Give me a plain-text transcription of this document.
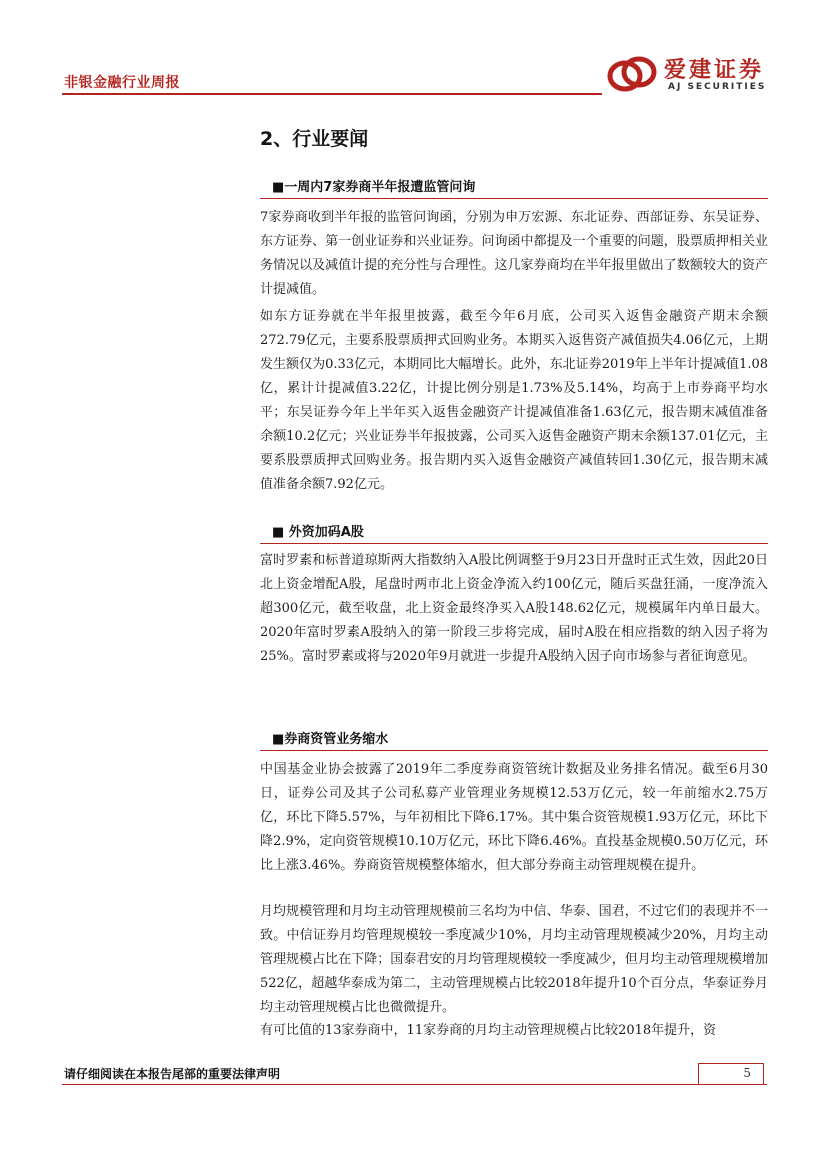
非银金融行业周报	爱建证券
AJ SECURITIES
2、行业要闻
■一周内7家券商半年报遭监管问询

7家券商收到半年报的监管问询函，分别为申万宏源、东北证券、西部证券、东吴证券、东方证券、第一创业证券和兴业证券。问询函中都提及一个重要的问题，股票质押相关业务情况以及减值计提的充分性与合理性。这几家券商均在半年报里做出了数额较大的资产计提减值。

如东方证券就在半年报里披露，截至今年6月底，公司买入返售金融资产期末余额272.79亿元，主要系股票质押式回购业务。本期买入返售资产减值损失4.06亿元，上期发生额仅为0.33亿元，本期同比大幅增长。此外，东北证券2019年上半年计提减值1.08亿，累计计提减值3.22亿，计提比例分别是1.73%及5.14%，均高于上市券商平均水平；东吴证券今年上半年买入返售金融资产计提减值准备1.63亿元，报告期末减值准备余额10.2亿元；兴业证券半年报披露，公司买入返售金融资产期末余额137.01亿元，主要系股票质押式回购业务。报告期内买入返售金融资产减值转回1.30亿元，报告期末减值准备余额7.92亿元。

■ 外资加码A股

富时罗素和标普道琼斯两大指数纳入A股比例调整于9月23日开盘时正式生效，因此20日北上资金增配A股，尾盘时两市北上资金净流入约100亿元，随后买盘狂涌，一度净流入超300亿元，截至收盘，北上资金最终净买入A股148.62亿元，规模属年内单日最大。2020年富时罗素A股纳入的第一阶段三步将完成，届时A股在相应指数的纳入因子将为25%。富时罗素或将与2020年9月就进一步提升A股纳入因子向市场参与者征询意见。

■券商资管业务缩水

中国基金业协会披露了2019年二季度券商资管统计数据及业务排名情况。截至6月30日，证券公司及其子公司私募产业管理业务规模12.53万亿元，较一年前缩水2.75万亿，环比下降5.57%，与年初相比下降6.17%。其中集合资管规模1.93万亿元，环比下降2.9%，定向资管规模10.10万亿元，环比下降6.46%。直投基金规模0.50万亿元，环比上涨3.46%。券商资管规模整体缩水，但大部分券商主动管理规模在提升。

月均规模管理和月均主动管理规模前三名均为中信、华泰、国君，不过它们的表现并不一致。中信证券月均管理规模较一季度减少10%，月均主动管理规模减少20%，月均主动管理规模占比在下降；国泰君安的月均管理规模较一季度减少，但月均主动管理规模增加522亿，超越华泰成为第二，主动管理规模占比较2018年提升10个百分点，华泰证券月均主动管理规模占比也微微提升。

有可比值的13家券商中，11家券商的月均主动管理规模占比较2018年提升，资

请仔细阅读在本报告尾部的重要法律声明	5
